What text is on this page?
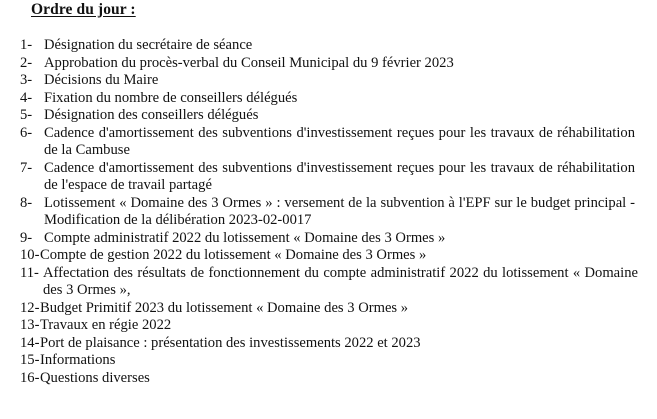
Ordre du jour :
1- Désignation du secrétaire de séance
2- Approbation du procès-verbal du Conseil Municipal du 9 février 2023
3- Décisions du Maire
4- Fixation du nombre de conseillers délégués
5- Désignation des conseillers délégués
6- Cadence d'amortissement des subventions d'investissement reçues pour les travaux de réhabilitation de la Cambuse
7- Cadence d'amortissement des subventions d'investissement reçues pour les travaux de réhabilitation de l'espace de travail partagé
8- Lotissement « Domaine des 3 Ormes » : versement de la subvention à l'EPF sur le budget principal - Modification de la délibération 2023-02-0017
9- Compte administratif 2022 du lotissement « Domaine des 3 Ormes »
10- Compte de gestion 2022 du lotissement « Domaine des 3 Ormes »
11- Affectation des résultats de fonctionnement du compte administratif 2022 du lotissement « Domaine des 3 Ormes »,
12- Budget Primitif 2023 du lotissement « Domaine des 3 Ormes »
13- Travaux en régie 2022
14- Port de plaisance : présentation des investissements 2022 et 2023
15- Informations
16- Questions diverses
